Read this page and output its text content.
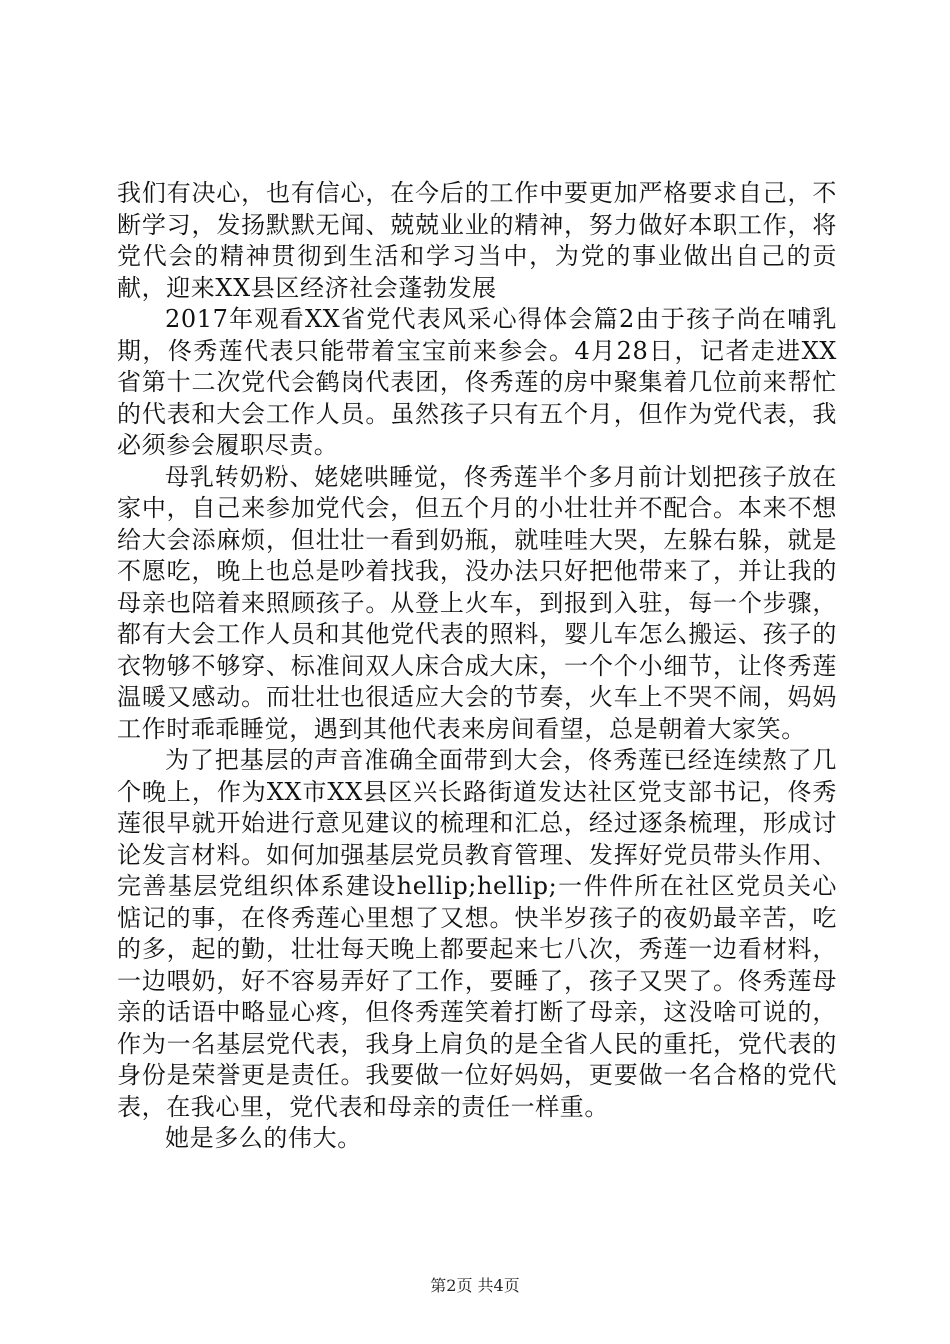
我们有决心，也有信心，在今后的工作中要更加严格要求自己，不断学习，发扬默默无闻、兢兢业业的精神，努力做好本职工作，将党代会的精神贯彻到生活和学习当中，为党的事业做出自己的贡献，迎来XX县区经济社会蓬勃发展

2017年观看XX省党代表风采心得体会篇2由于孩子尚在哺乳期，佟秀莲代表只能带着宝宝前来参会。4月28日，记者走进XX省第十二次党代会鹤岗代表团，佟秀莲的房中聚集着几位前来帮忙的代表和大会工作人员。虽然孩子只有五个月，但作为党代表，我必须参会履职尽责。

母乳转奶粉、姥姥哄睡觉，佟秀莲半个多月前计划把孩子放在家中，自己来参加党代会，但五个月的小壮壮并不配合。本来不想给大会添麻烦，但壮壮一看到奶瓶，就哇哇大哭，左躲右躲，就是不愿吃，晚上也总是吵着找我，没办法只好把他带来了，并让我的母亲也陪着来照顾孩子。从登上火车，到报到入驻，每一个步骤，都有大会工作人员和其他党代表的照料，婴儿车怎么搬运、孩子的衣物够不够穿、标准间双人床合成大床，一个个小细节，让佟秀莲温暖又感动。而壮壮也很适应大会的节奏，火车上不哭不闹，妈妈工作时乖乖睡觉，遇到其他代表来房间看望，总是朝着大家笑。

为了把基层的声音准确全面带到大会，佟秀莲已经连续熬了几个晚上，作为XX市XX县区兴长路街道发达社区党支部书记，佟秀莲很早就开始进行意见建议的梳理和汇总，经过逐条梳理，形成讨论发言材料。如何加强基层党员教育管理、发挥好党员带头作用、完善基层党组织体系建设hellip;hellip;一件件所在社区党员关心惦记的事，在佟秀莲心里想了又想。快半岁孩子的夜奶最辛苦，吃的多，起的勤，壮壮每天晚上都要起来七八次，秀莲一边看材料，一边喂奶，好不容易弄好了工作，要睡了，孩子又哭了。佟秀莲母亲的话语中略显心疼，但佟秀莲笑着打断了母亲，这没啥可说的，作为一名基层党代表，我身上肩负的是全省人民的重托，党代表的身份是荣誉更是责任。我要做一位好妈妈，更要做一名合格的党代表，在我心里，党代表和母亲的责任一样重。

她是多么的伟大。

第2页 共4页
